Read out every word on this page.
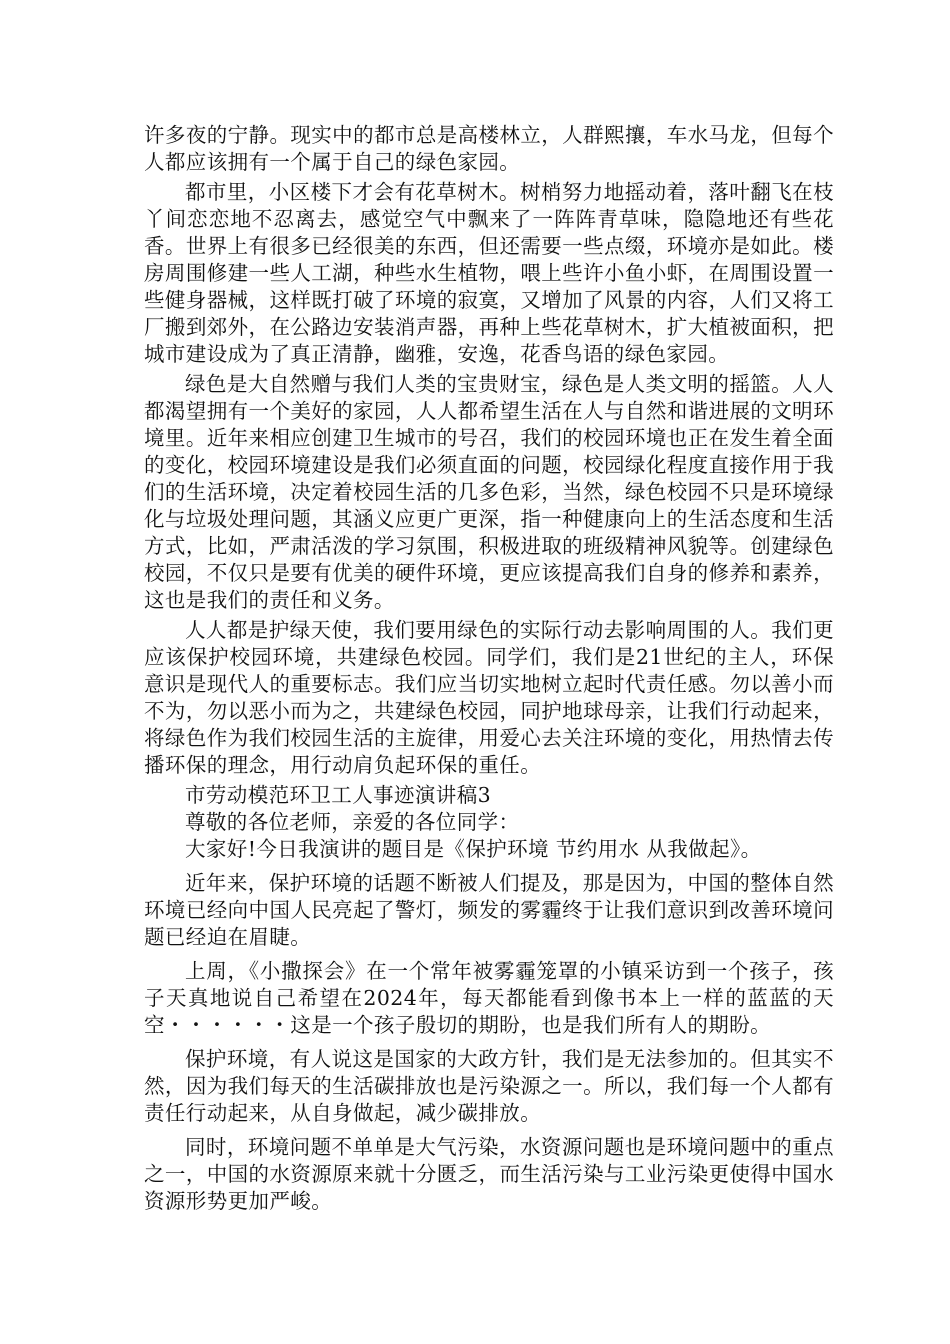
许多夜的宁静。现实中的都市总是高楼林立，人群熙攘，车水马龙，但每个人都应该拥有一个属于自己的绿色家园。

都市里，小区楼下才会有花草树木。树梢努力地摇动着，落叶翻飞在枝丫间恋恋地不忍离去，感觉空气中飘来了一阵阵青草味，隐隐地还有些花香。世界上有很多已经很美的东西，但还需要一些点缀，环境亦是如此。楼房周围修建一些人工湖，种些水生植物，喂上些许小鱼小虾，在周围设置一些健身器械，这样既打破了环境的寂寞，又增加了风景的内容，人们又将工厂搬到郊外，在公路边安装消声器，再种上些花草树木，扩大植被面积，把城市建设成为了真正清静，幽雅，安逸，花香鸟语的绿色家园。

绿色是大自然赠与我们人类的宝贵财宝，绿色是人类文明的摇篮。人人都渴望拥有一个美好的家园，人人都希望生活在人与自然和谐进展的文明环境里。近年来相应创建卫生城市的号召，我们的校园环境也正在发生着全面的变化，校园环境建设是我们必须直面的问题，校园绿化程度直接作用于我们的生活环境，决定着校园生活的几多色彩，当然，绿色校园不只是环境绿化与垃圾处理问题，其涵义应更广更深，指一种健康向上的生活态度和生活方式，比如，严肃活泼的学习氛围，积极进取的班级精神风貌等。创建绿色校园，不仅只是要有优美的硬件环境，更应该提高我们自身的修养和素养，这也是我们的责任和义务。

人人都是护绿天使，我们要用绿色的实际行动去影响周围的人。我们更应该保护校园环境，共建绿色校园。同学们，我们是21世纪的主人，环保意识是现代人的重要标志。我们应当切实地树立起时代责任感。勿以善小而不为，勿以恶小而为之，共建绿色校园，同护地球母亲，让我们行动起来，将绿色作为我们校园生活的主旋律，用爱心去关注环境的变化，用热情去传播环保的理念，用行动肩负起环保的重任。

市劳动模范环卫工人事迹演讲稿3

尊敬的各位老师，亲爱的各位同学：

大家好!今日我演讲的题目是《保护环境 节约用水 从我做起》。

近年来，保护环境的话题不断被人们提及，那是因为，中国的整体自然环境已经向中国人民亮起了警灯，频发的雾霾终于让我们意识到改善环境问题已经迫在眉睫。

上周，《小撒探会》在一个常年被雾霾笼罩的小镇采访到一个孩子，孩子天真地说自己希望在2024年，每天都能看到像书本上一样的蓝蓝的天空・・・・・・这是一个孩子殷切的期盼，也是我们所有人的期盼。

保护环境，有人说这是国家的大政方针，我们是无法参加的。但其实不然，因为我们每天的生活碳排放也是污染源之一。所以，我们每一个人都有责任行动起来，从自身做起，减少碳排放。

同时，环境问题不单单是大气污染，水资源问题也是环境问题中的重点之一，中国的水资源原来就十分匮乏，而生活污染与工业污染更使得中国水资源形势更加严峻。
